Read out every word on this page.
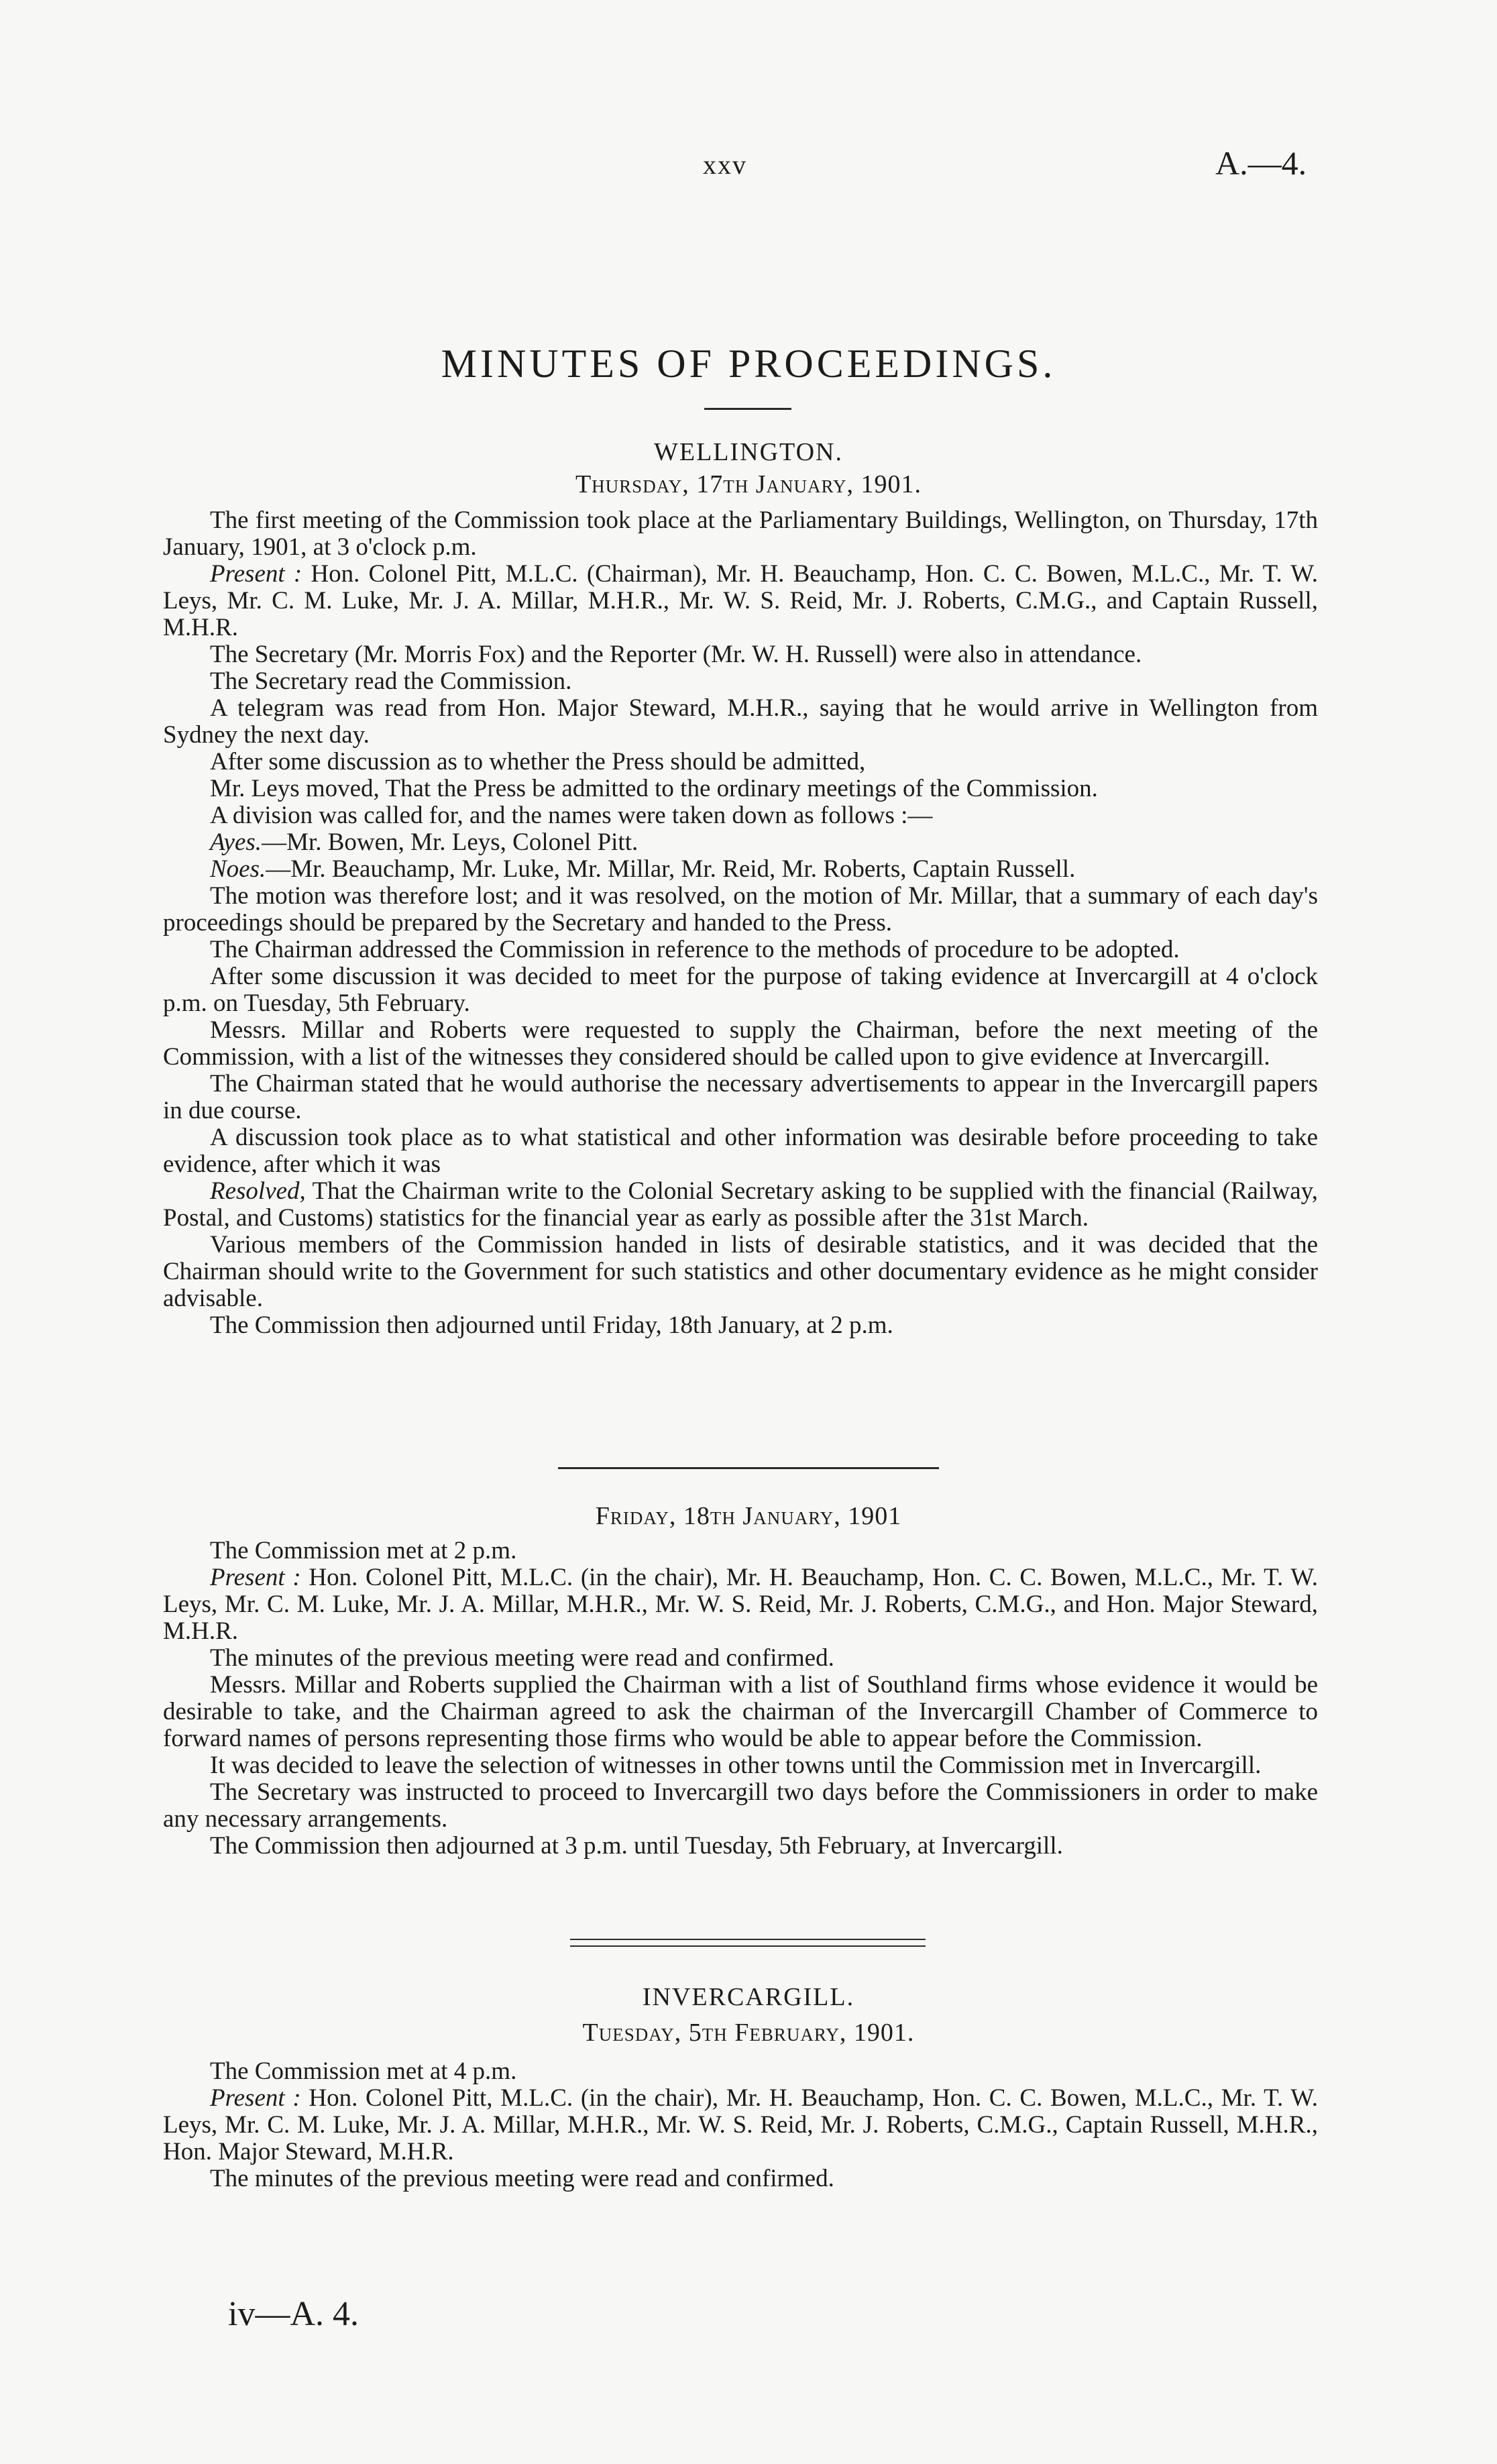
xxv	A.—4.
MINUTES OF PROCEEDINGS.
WELLINGTON.
Thursday, 17th January, 1901.

The first meeting of the Commission took place at the Parliamentary Buildings, Wellington, on Thursday, 17th January, 1901, at 3 o'clock p.m.

Present : Hon. Colonel Pitt, M.L.C. (Chairman), Mr. H. Beauchamp, Hon. C. C. Bowen, M.L.C., Mr. T. W. Leys, Mr. C. M. Luke, Mr. J. A. Millar, M.H.R., Mr. W. S. Reid, Mr. J. Roberts, C.M.G., and Captain Russell, M.H.R.

The Secretary (Mr. Morris Fox) and the Reporter (Mr. W. H. Russell) were also in attendance.

The Secretary read the Commission.

A telegram was read from Hon. Major Steward, M.H.R., saying that he would arrive in Wellington from Sydney the next day.

After some discussion as to whether the Press should be admitted,

Mr. Leys moved, That the Press be admitted to the ordinary meetings of the Commission.

A division was called for, and the names were taken down as follows :—

Ayes.—Mr. Bowen, Mr. Leys, Colonel Pitt.

Noes.—Mr. Beauchamp, Mr. Luke, Mr. Millar, Mr. Reid, Mr. Roberts, Captain Russell.

The motion was therefore lost; and it was resolved, on the motion of Mr. Millar, that a summary of each day's proceedings should be prepared by the Secretary and handed to the Press.

The Chairman addressed the Commission in reference to the methods of procedure to be adopted.

After some discussion it was decided to meet for the purpose of taking evidence at Invercargill at 4 o'clock p.m. on Tuesday, 5th February.

Messrs. Millar and Roberts were requested to supply the Chairman, before the next meeting of the Commission, with a list of the witnesses they considered should be called upon to give evidence at Invercargill.

The Chairman stated that he would authorise the necessary advertisements to appear in the Invercargill papers in due course.

A discussion took place as to what statistical and other information was desirable before proceeding to take evidence, after which it was

Resolved, That the Chairman write to the Colonial Secretary asking to be supplied with the financial (Railway, Postal, and Customs) statistics for the financial year as early as possible after the 31st March.

Various members of the Commission handed in lists of desirable statistics, and it was decided that the Chairman should write to the Government for such statistics and other documentary evidence as he might consider advisable.

The Commission then adjourned until Friday, 18th January, at 2 p.m.

Friday, 18th January, 1901

The Commission met at 2 p.m.

Present : Hon. Colonel Pitt, M.L.C. (in the chair), Mr. H. Beauchamp, Hon. C. C. Bowen, M.L.C., Mr. T. W. Leys, Mr. C. M. Luke, Mr. J. A. Millar, M.H.R., Mr. W. S. Reid, Mr. J. Roberts, C.M.G., and Hon. Major Steward, M.H.R.

The minutes of the previous meeting were read and confirmed.

Messrs. Millar and Roberts supplied the Chairman with a list of Southland firms whose evidence it would be desirable to take, and the Chairman agreed to ask the chairman of the Invercargill Chamber of Commerce to forward names of persons representing those firms who would be able to appear before the Commission.

It was decided to leave the selection of witnesses in other towns until the Commission met in Invercargill.

The Secretary was instructed to proceed to Invercargill two days before the Commissioners in order to make any necessary arrangements.

The Commission then adjourned at 3 p.m. until Tuesday, 5th February, at Invercargill.

INVERCARGILL.
Tuesday, 5th February, 1901.

The Commission met at 4 p.m.

Present : Hon. Colonel Pitt, M.L.C. (in the chair), Mr. H. Beauchamp, Hon. C. C. Bowen, M.L.C., Mr. T. W. Leys, Mr. C. M. Luke, Mr. J. A. Millar, M.H.R., Mr. W. S. Reid, Mr. J. Roberts, C.M.G., Captain Russell, M.H.R., Hon. Major Steward, M.H.R.

The minutes of the previous meeting were read and confirmed.

iv—A. 4.
